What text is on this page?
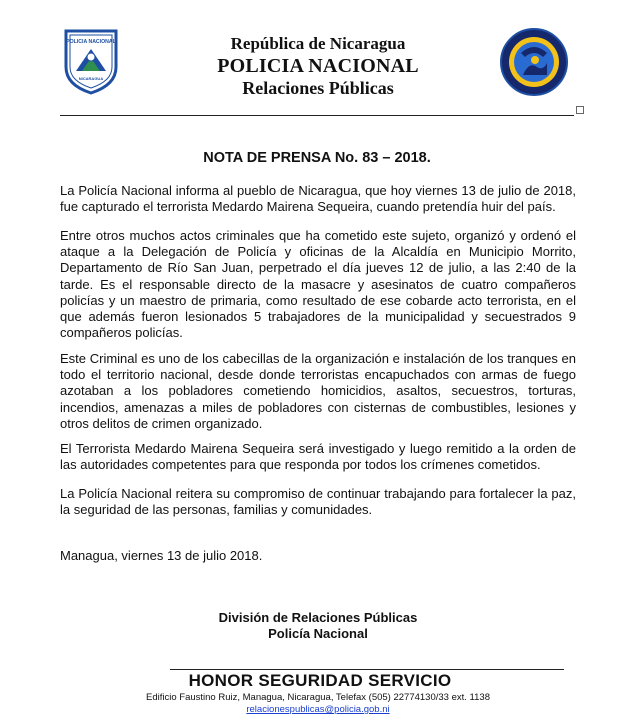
POLICIA NACIONAL
NICARAGUA
República de Nicaragua
POLICIA NACIONAL
Relaciones Públicas
NOTA DE PRENSA No. 83 – 2018.

La Policía Nacional informa al pueblo de Nicaragua, que hoy viernes 13 de julio de 2018, fue capturado el terrorista Medardo Mairena Sequeira, cuando pretendía huir del país.

Entre otros muchos actos criminales que ha cometido este sujeto, organizó y ordenó el ataque a la Delegación de Policía y oficinas de la Alcaldía en Municipio Morrito, Departamento de Río San Juan, perpetrado el día jueves 12 de julio, a las 2:40 de la tarde. Es el responsable directo de la masacre y asesinatos de cuatro compañeros policías y un maestro de primaria, como resultado de ese cobarde acto terrorista, en el que además fueron lesionados 5 trabajadores de la municipalidad y secuestrados 9 compañeros policías.

Este Criminal es uno de los cabecillas de la organización e instalación de los tranques en todo el territorio nacional, desde donde terroristas encapuchados con armas de fuego azotaban a los pobladores cometiendo homicidios, asaltos, secuestros, torturas, incendios, amenazas a miles de pobladores con cisternas de combustibles, lesiones y otros delitos de crimen organizado.

El Terrorista Medardo Mairena Sequeira será investigado y luego remitido a la orden de las autoridades competentes para que responda por todos los crímenes cometidos.

La Policía Nacional reitera su compromiso de continuar trabajando para fortalecer la paz, la seguridad de las personas, familias y comunidades.

Managua, viernes 13 de julio 2018.

División de Relaciones Públicas
Policía Nacional
HONOR SEGURIDAD SERVICIO
Edificio Faustino Ruiz, Managua, Nicaragua, Telefax (505) 22774130/33 ext. 1138
relacionespublicas@policia.gob.ni
